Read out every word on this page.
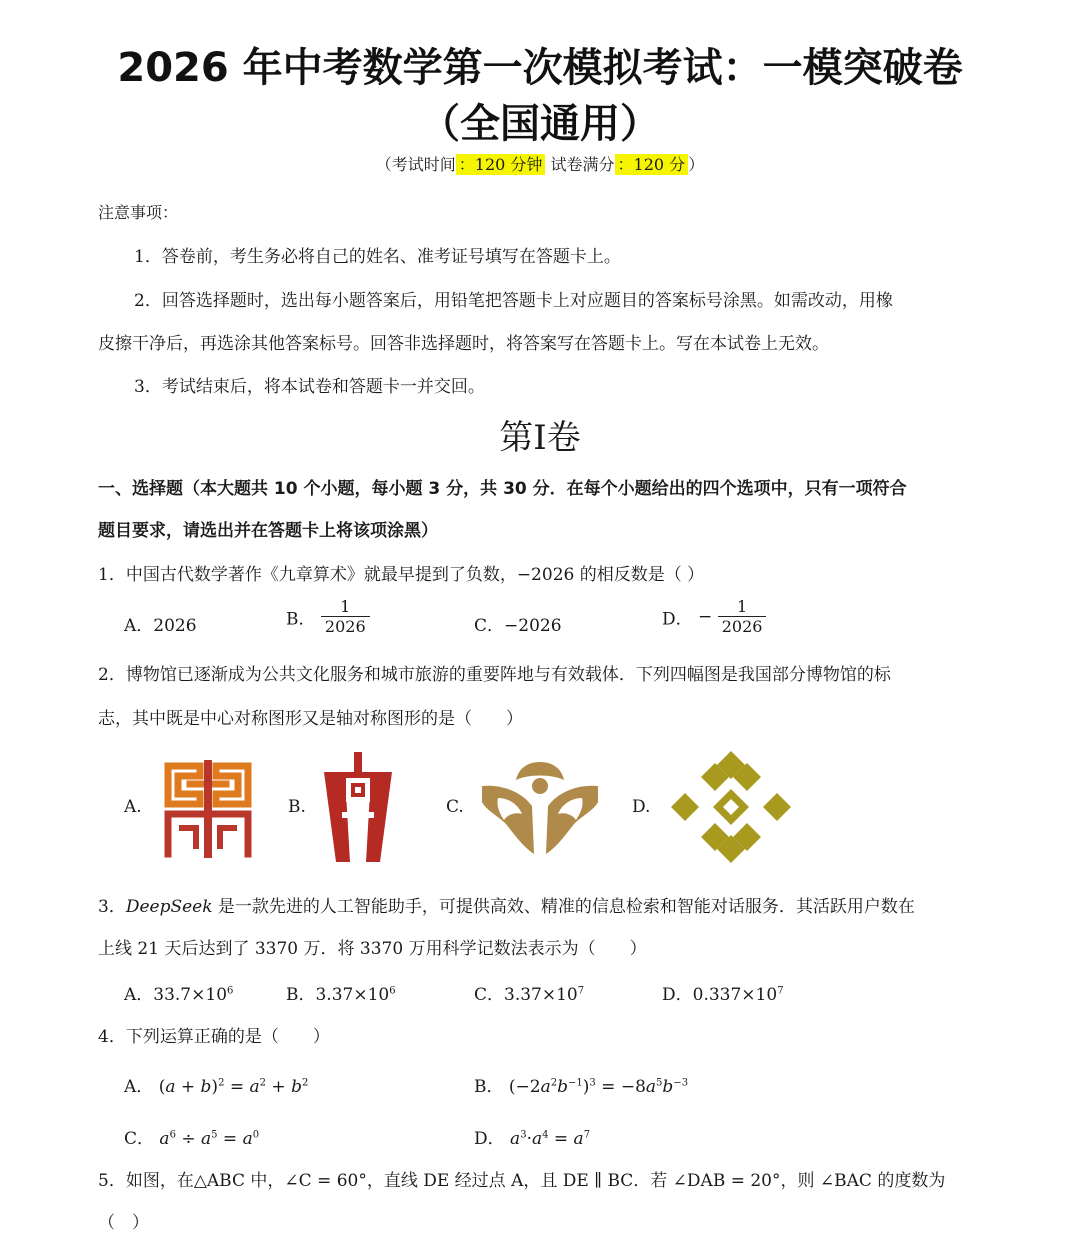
2026 年中考数学第一次模拟考试：一模突破卷
（全国通用）
（考试时间 ：120 分钟 试卷满分 ：120 分 ）
注意事项：
1．答卷前，考生务必将自己的姓名、准考证号填写在答题卡上。
2．回答选择题时，选出每小题答案后，用铅笔把答题卡上对应题目的答案标号涂黑。如需改动，用橡
皮擦干净后，再选涂其他答案标号。回答非选择题时，将答案写在答题卡上。写在本试卷上无效。
3．考试结束后，将本试卷和答题卡一并交回。
第I卷
一、选择题（本大题共 10 个小题，每小题 3 分，共 30 分．在每个小题给出的四个选项中，只有一项符合
题目要求，请选出并在答题卡上将该项涂黑）
1．中国古代数学著作《九章算术》就最早提到了负数，−2026 的相反数是（ ）
A．2026	B． $\frac{1}{2026}$	C．−2026	D． − $\frac{1}{2026}$
2．博物馆已逐渐成为公共文化服务和城市旅游的重要阵地与有效载体．下列四幅图是我国部分博物馆的标
志，其中既是中心对称图形又是轴对称图形的是（　　）
A.	B.	C.	D.
3．DeepSeek 是一款先进的人工智能助手，可提供高效、精准的信息检索和智能对话服务．其活跃用户数在
上线 21 天后达到了 3370 万．将 3370 万用科学记数法表示为（　　）
A．$33.7\times 10^6$	B．$3.37\times 10^6$	C．$3.37\times 10^7$	D．$0.337\times 10^7$
4．下列运算正确的是（　　）
A． $(a + b)^2 = a^2 + b^2$	B． $(-2a^2b^{-1})^3 = -8a^5b^{-3}$
C． $a^6 \div a^5 = a^0$	D． $a^3\cdot a^4 = a^7$
5．如图，在△ABC 中，∠C = 60°，直线 DE 经过点 A，且 DE ∥ BC．若 ∠DAB = 20°，则 ∠BAC 的度数为
（　）
